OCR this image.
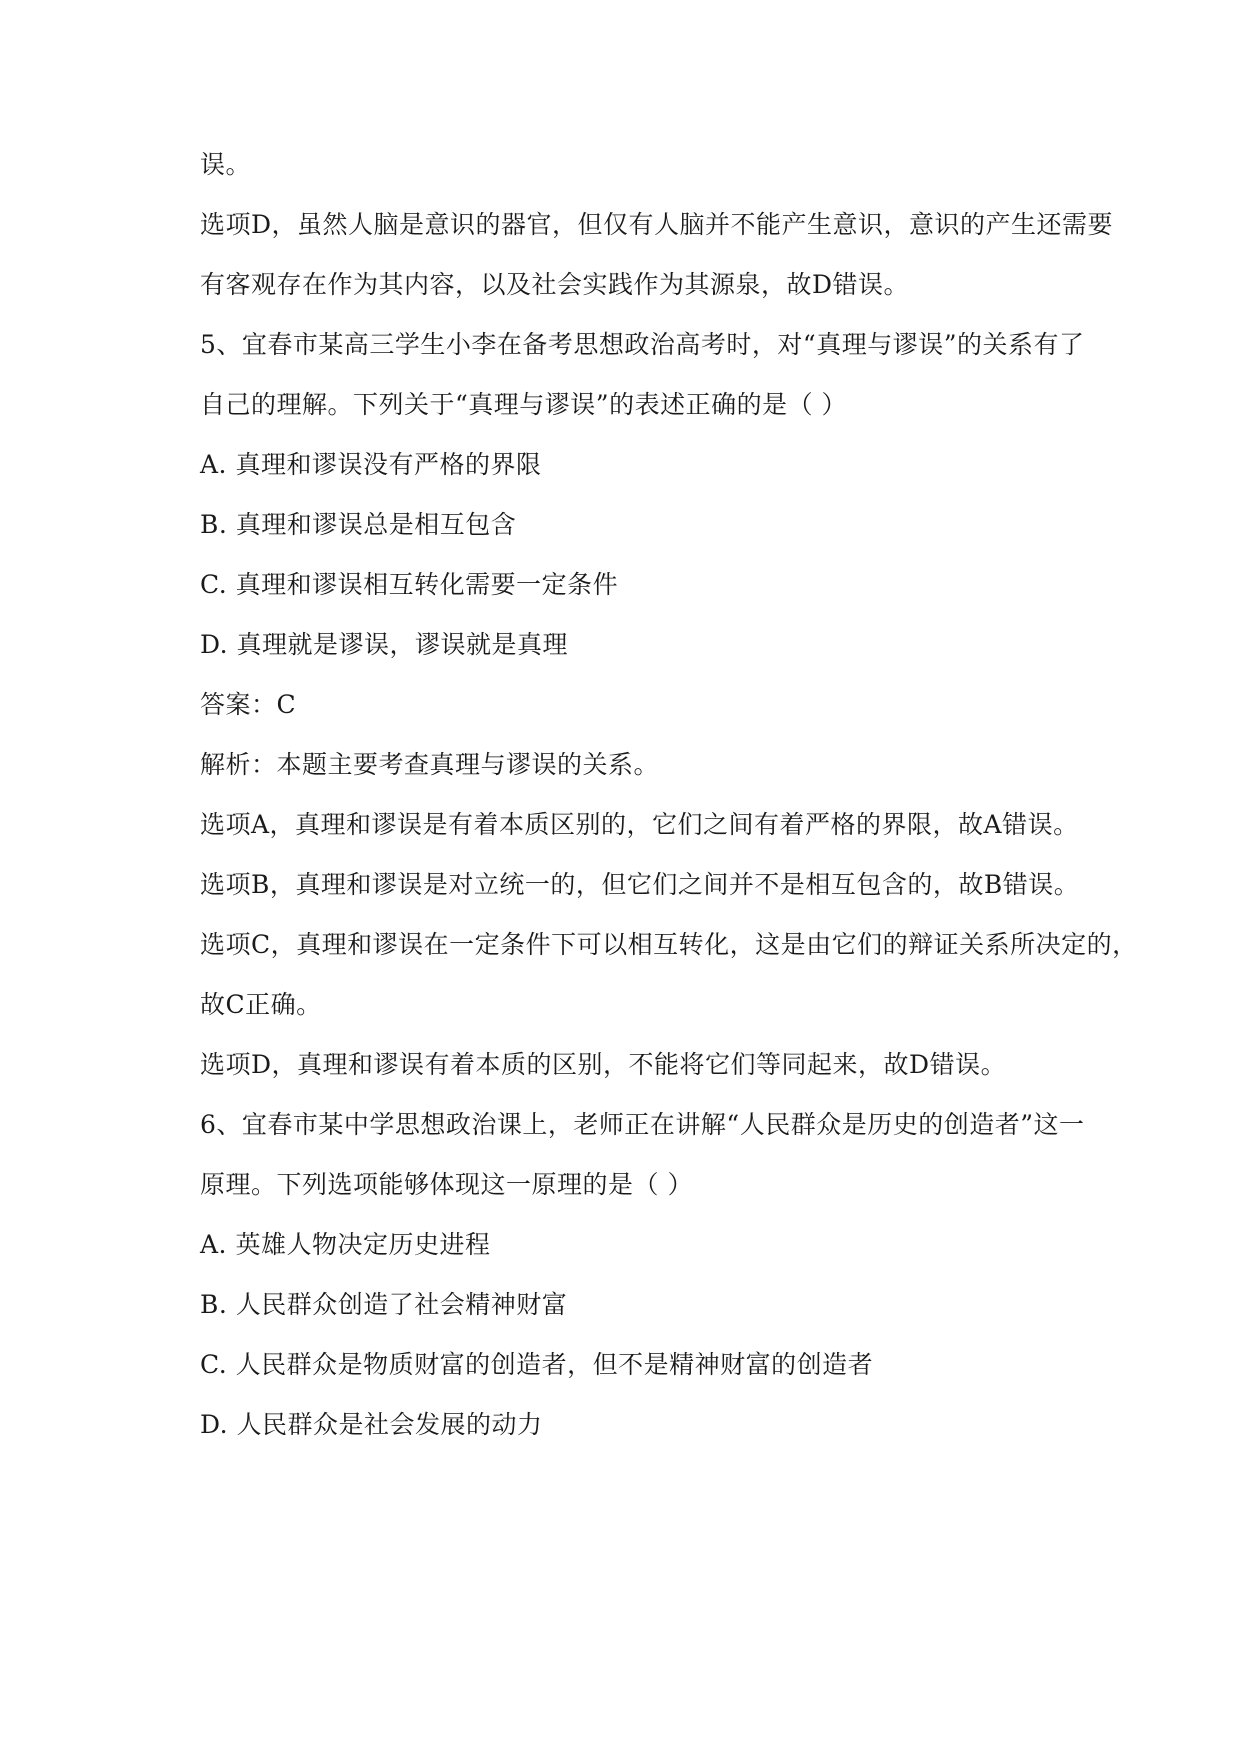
误。
选项D，虽然人脑是意识的器官，但仅有人脑并不能产生意识，意识的产生还需要
有客观存在作为其内容，以及社会实践作为其源泉，故D错误。
5、宜春市某高三学生小李在备考思想政治高考时，对“真理与谬误”的关系有了
自己的理解。下列关于“真理与谬误”的表述正确的是（ ）
A. 真理和谬误没有严格的界限
B. 真理和谬误总是相互包含
C. 真理和谬误相互转化需要一定条件
D. 真理就是谬误，谬误就是真理
答案：C
解析：本题主要考查真理与谬误的关系。
选项A，真理和谬误是有着本质区别的，它们之间有着严格的界限，故A错误。
选项B，真理和谬误是对立统一的，但它们之间并不是相互包含的，故B错误。
选项C，真理和谬误在一定条件下可以相互转化，这是由它们的辩证关系所决定的，
故C正确。
选项D，真理和谬误有着本质的区别，不能将它们等同起来，故D错误。
6、宜春市某中学思想政治课上，老师正在讲解“人民群众是历史的创造者”这一
原理。下列选项能够体现这一原理的是（ ）
A. 英雄人物决定历史进程
B. 人民群众创造了社会精神财富
C. 人民群众是物质财富的创造者，但不是精神财富的创造者
D. 人民群众是社会发展的动力
